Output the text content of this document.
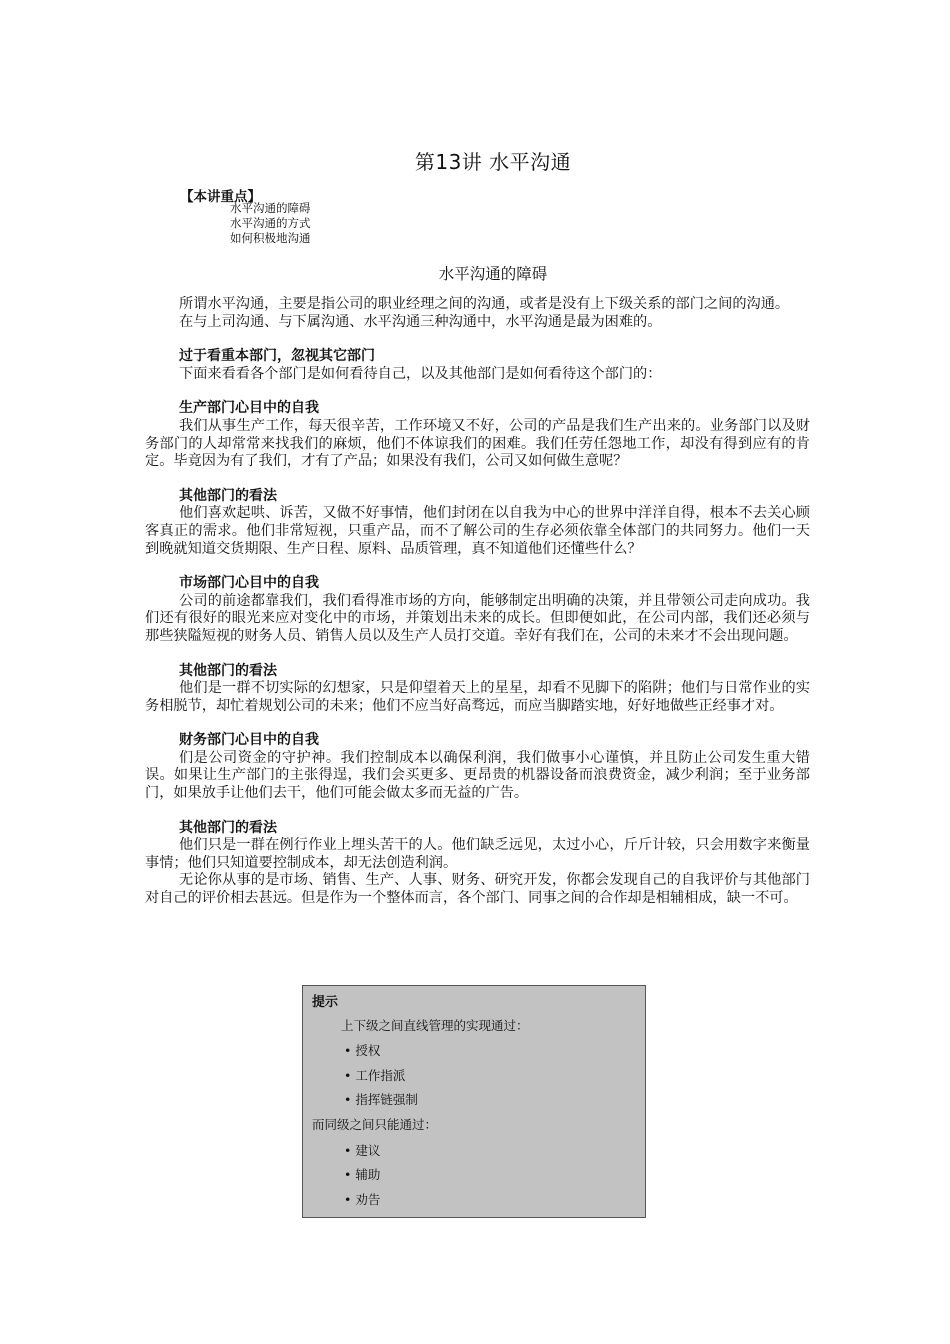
第13讲 水平沟通
【本讲重点】
水平沟通的障碍
水平沟通的方式
如何积极地沟通
水平沟通的障碍

所谓水平沟通，主要是指公司的职业经理之间的沟通，或者是没有上下级关系的部门之间的沟通。

在与上司沟通、与下属沟通、水平沟通三种沟通中，水平沟通是最为困难的。

过于看重本部门，忽视其它部门

下面来看看各个部门是如何看待自己，以及其他部门是如何看待这个部门的：

生产部门心目中的自我

我们从事生产工作，每天很辛苦，工作环境又不好，公司的产品是我们生产出来的。业务部门以及财务部门的人却常常来找我们的麻烦，他们不体谅我们的困难。我们任劳任怨地工作，却没有得到应有的肯定。毕竟因为有了我们，才有了产品；如果没有我们，公司又如何做生意呢？

其他部门的看法

他们喜欢起哄、诉苦，又做不好事情，他们封闭在以自我为中心的世界中洋洋自得，根本不去关心顾客真正的需求。他们非常短视，只重产品，而不了解公司的生存必须依靠全体部门的共同努力。他们一天到晚就知道交货期限、生产日程、原料、品质管理，真不知道他们还懂些什么？

市场部门心目中的自我

公司的前途都靠我们，我们看得准市场的方向，能够制定出明确的决策，并且带领公司走向成功。我们还有很好的眼光来应对变化中的市场，并策划出未来的成长。但即便如此，在公司内部，我们还必须与那些狭隘短视的财务人员、销售人员以及生产人员打交道。幸好有我们在，公司的未来才不会出现问题。

其他部门的看法

他们是一群不切实际的幻想家，只是仰望着天上的星星，却看不见脚下的陷阱；他们与日常作业的实务相脱节，却忙着规划公司的未来；他们不应当好高骛远，而应当脚踏实地，好好地做些正经事才对。

财务部门心目中的自我

们是公司资金的守护神。我们控制成本以确保利润，我们做事小心谨慎，并且防止公司发生重大错误。如果让生产部门的主张得逞，我们会买更多、更昂贵的机器设备而浪费资金，减少利润；至于业务部门，如果放手让他们去干，他们可能会做太多而无益的广告。

其他部门的看法

他们只是一群在例行作业上埋头苦干的人。他们缺乏远见，太过小心，斤斤计较，只会用数字来衡量事情；他们只知道要控制成本，却无法创造利润。

无论你从事的是市场、销售、生产、人事、财务、研究开发，你都会发现自己的自我评价与其他部门对自己的评价相去甚远。但是作为一个整体而言，各个部门、同事之间的合作却是相辅相成，缺一不可。

提示
上下级之间直线管理的实现通过：
• 授权
• 工作指派
• 指挥链强制
而同级之间只能通过：
• 建议
• 辅助
• 劝告
